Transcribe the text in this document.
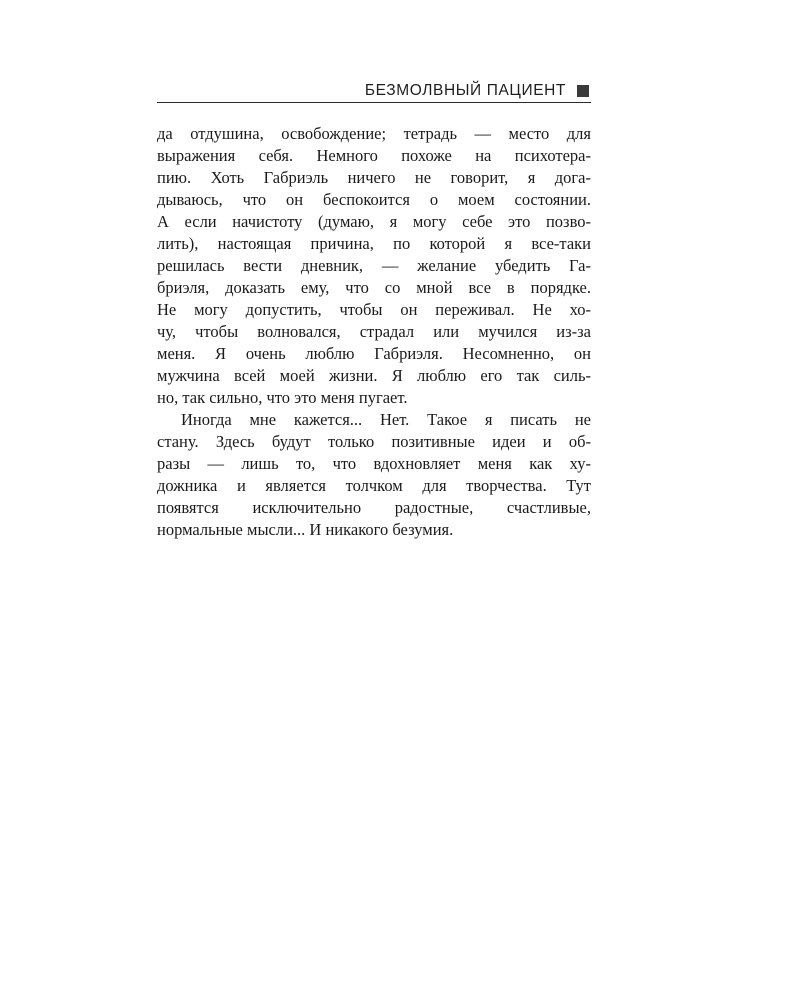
БЕЗМОЛВНЫЙ ПАЦИЕНТ
да отдушина, освобождение; тетрадь — место для
выражения себя. Немного похоже на психотера-
пию. Хоть Габриэль ничего не говорит, я дога-
дываюсь, что он беспокоится о моем состоянии.
А если начистоту (думаю, я могу себе это позво-
лить), настоящая причина, по которой я все-таки
решилась вести дневник, — желание убедить Га-
бриэля, доказать ему, что со мной все в порядке.
Не могу допустить, чтобы он переживал. Не хо-
чу, чтобы волновался, страдал или мучился из-за
меня. Я очень люблю Габриэля. Несомненно, он
мужчина всей моей жизни. Я люблю его так силь-
но, так сильно, что это меня пугает.
Иногда мне кажется... Нет. Такое я писать не
стану. Здесь будут только позитивные идеи и об-
разы — лишь то, что вдохновляет меня как ху-
дожника и является толчком для творчества. Тут
появятся исключительно радостные, счастливые,
нормальные мысли... И никакого безумия.
